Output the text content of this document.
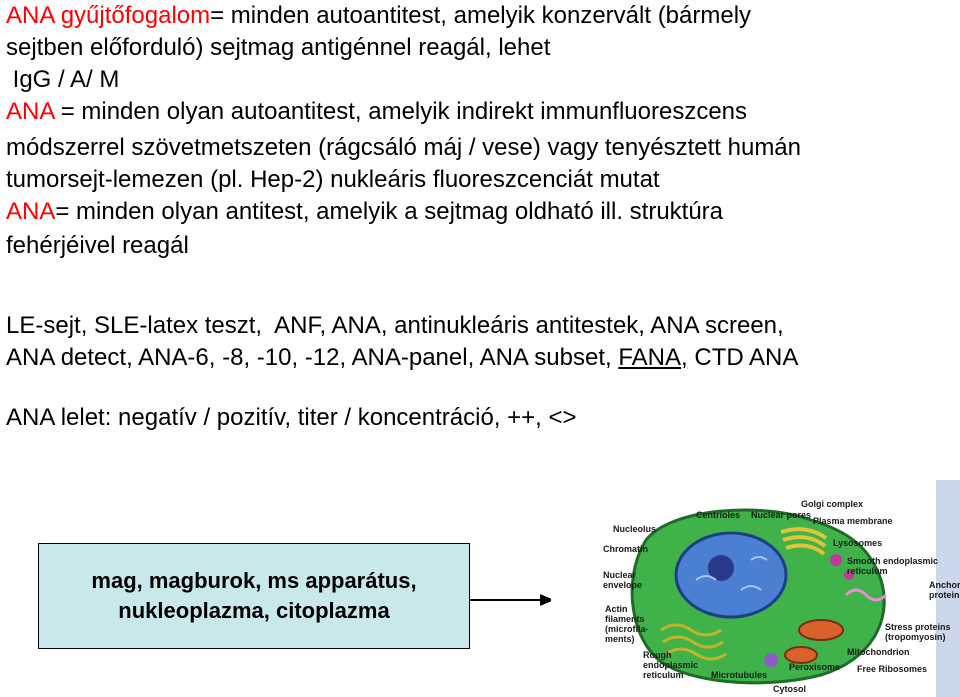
ANA gyűjtőfogalom= minden autoantitest, amelyik konzervált (bármely
sejtben előforduló) sejtmag antigénnel reagál, lehet
IgG / A/ M
ANA = minden olyan autoantitest, amelyik indirekt immunfluoreszcens
módszerrel szövetmetszeten (rágcsáló máj / vese) vagy tenyésztett humán
tumorsejt-lemezen (pl. Hep-2) nukleáris fluoreszcenciát mutat
ANA= minden olyan antitest, amelyik a sejtmag oldható ill. struktúra
fehérjéivel reagál
LE-sejt, SLE-latex teszt,  ANF, ANA, antinukleáris antitestek, ANA screen,
ANA detect, ANA-6, -8, -10, -12, ANA-panel, ANA subset, FANA, CTD ANA
ANA lelet: negatív / pozitív, titer / koncentráció, ++, <>
mag, magburok, ms apparátus,
nukleoplazma, citoplazma
Golgi complex
Centrioles Nuclear pores
Plasma membrane
Nucleolus
Lysosomes
Chromatin
Smooth endoplasmic
reticulum
Nuclear
envelope	Anchor
protein
Actin
filaments
(microfila-
ments)
Stress proteins
(tropomyosin)
Mitochondrion
Rough
endoplasmic
reticulum
Peroxisome Free Ribosomes
Microtubules
Cytosol
